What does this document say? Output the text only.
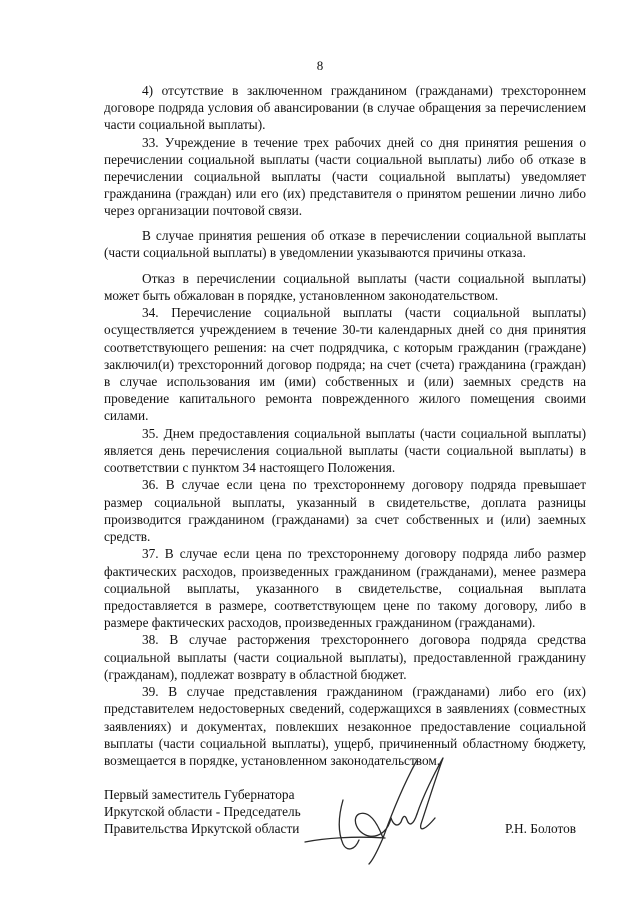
8

4) отсутствие в заключенном гражданином (гражданами) трехстороннем договоре подряда условия об авансировании (в случае обращения за перечислением части социальной выплаты).

33. Учреждение в течение трех рабочих дней со дня принятия решения о перечислении социальной выплаты (части социальной выплаты) либо об отказе в перечислении социальной выплаты (части социальной выплаты) уведомляет гражданина (граждан) или его (их) представителя о принятом решении лично либо через организации почтовой связи.

В случае принятия решения об отказе в перечислении социальной выплаты (части социальной выплаты) в уведомлении указываются причины отказа.

Отказ в перечислении социальной выплаты (части социальной выплаты) может быть обжалован в порядке, установленном законодательством.

34. Перечисление социальной выплаты (части социальной выплаты) осуществляется учреждением в течение 30-ти календарных дней со дня принятия соответствующего решения: на счет подрядчика, с которым гражданин (граждане) заключил(и) трехсторонний договор подряда; на счет (счета) гражданина (граждан) в случае использования им (ими) собственных и (или) заемных средств на проведение капитального ремонта поврежденного жилого помещения своими силами.

35. Днем предоставления социальной выплаты (части социальной выплаты) является день перечисления социальной выплаты (части социальной выплаты) в соответствии с пунктом 34 настоящего Положения.

36. В случае если цена по трехстороннему договору подряда превышает размер социальной выплаты, указанный в свидетельстве, доплата разницы производится гражданином (гражданами) за счет собственных и (или) заемных средств.

37. В случае если цена по трехстороннему договору подряда либо размер фактических расходов, произведенных гражданином (гражданами), менее размера социальной выплаты, указанного в свидетельстве, социальная выплата предоставляется в размере, соответствующем цене по такому договору, либо в размере фактических расходов, произведенных гражданином (гражданами).

38. В случае расторжения трехстороннего договора подряда средства социальной выплаты (части социальной выплаты), предоставленной гражданину (гражданам), подлежат возврату в областной бюджет.

39. В случае представления гражданином (гражданами) либо его (их) представителем недостоверных сведений, содержащихся в заявлениях (совместных заявлениях) и документах, повлекших незаконное предоставление социальной выплаты (части социальной выплаты), ущерб, причиненный областному бюджету, возмещается в порядке, установленном законодательством.

Первый заместитель Губернатора
Иркутской области - Председатель
Правительства Иркутской области	Р.Н. Болотов
